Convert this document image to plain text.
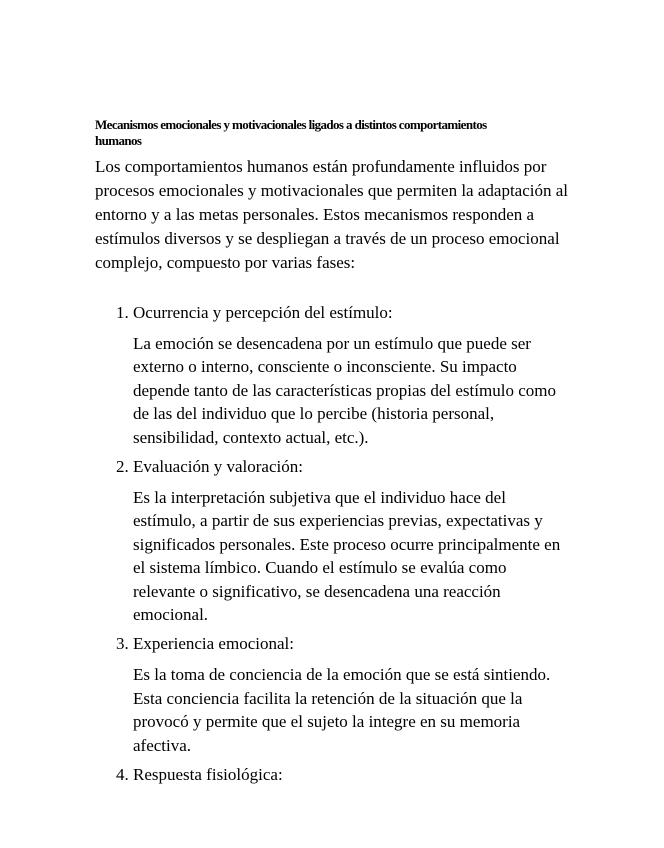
Mecanismos emocionales y motivacionales ligados a distintos comportamientos humanos

Los comportamientos humanos están profundamente influidos por procesos emocionales y motivacionales que permiten la adaptación al entorno y a las metas personales. Estos mecanismos responden a estímulos diversos y se despliegan a través de un proceso emocional complejo, compuesto por varias fases:

1. Ocurrencia y percepción del estímulo:
La emoción se desencadena por un estímulo que puede ser externo o interno, consciente o inconsciente. Su impacto depende tanto de las características propias del estímulo como de las del individuo que lo percibe (historia personal, sensibilidad, contexto actual, etc.).
2. Evaluación y valoración:
Es la interpretación subjetiva que el individuo hace del estímulo, a partir de sus experiencias previas, expectativas y significados personales. Este proceso ocurre principalmente en el sistema límbico. Cuando el estímulo se evalúa como relevante o significativo, se desencadena una reacción emocional.
3. Experiencia emocional:
Es la toma de conciencia de la emoción que se está sintiendo. Esta conciencia facilita la retención de la situación que la provocó y permite que el sujeto la integre en su memoria afectiva.
4. Respuesta fisiológica:
